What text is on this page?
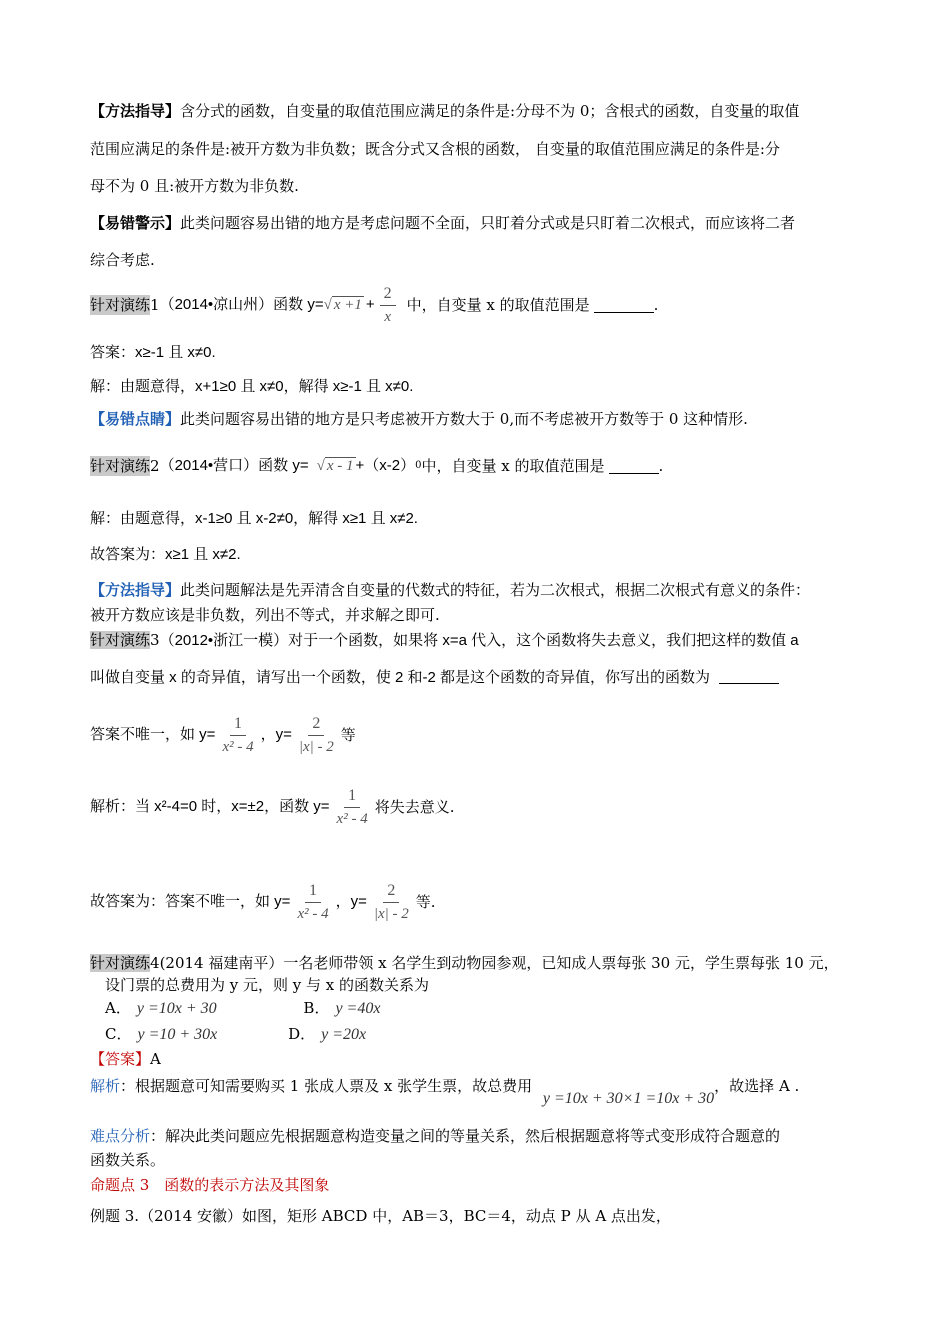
【方法指导】含分式的函数，自变量的取值范围应满足的条件是:分母不为 0；含根式的函数，自变量的取值
范围应满足的条件是:被开方数为非负数；既含分式又含根的函数， 自变量的取值范围应满足的条件是:分
母不为 0 且:被开方数为非负数.
【易错警示】此类问题容易出错的地方是考虑问题不全面，只盯着分式或是只盯着二次根式，而应该将二者
综合考虑.
针对演练 1 （2014•凉山州）函数 y= √ $x +1 + \frac{2}{x}$ 中，自变量 x 的取值范围是	.
答案：x≥-1 且 x≠0.
解：由题意得，x+1≥0 且 x≠0，解得 x≥-1 且 x≠0.
【易错点睛】此类问题容易出错的地方是只考虑被开方数大于 0,而不考虑被开方数等于 0 这种情形.
针对演练 2 （2014•营口）函数 y= √ x - 1 +（x-2） 0 中，自变量 x 的取值范围是	.
解：由题意得，x-1≥0 且 x-2≠0，解得 x≥1 且 x≠2.
故答案为：x≥1 且 x≠2.
【方法指导】此类问题解法是先弄清含自变量的代数式的特征，若为二次根式，根据二次根式有意义的条件：
被开方数应该是非负数，列出不等式，并求解之即可.
针对演练3（2012•浙江一模）对于一个函数，如果将 x=a 代入，这个函数将失去意义，我们把这样的数值 a
叫做自变量 x 的奇异值，请写出一个函数，使 2 和-2 都是这个函数的奇异值，你写出的函数为
答案不唯一，如 $y= \frac{1}{\text{x² - 4}}$ ，$y= \frac{2}{|x| - 2}$ 等
解析：当 x²-4=0 时，x=±2，函数 $y= \frac{1}{\text{x² - 4}}$ 将失去意义.
故答案为：答案不唯一，如 $y= \frac{1}{\text{x² - 4}}$ ，$y= \frac{2}{|x| - 2}$ 等.
针对演练4(2014 福建南平）一名老师带领 x 名学生到动物园参观，已知成人票每张 30 元，学生票每张 10 元，
设门票的总费用为 y 元，则 y 与 x 的函数关系为
A． y =10x + 30	B． y =40x
C． y =10 + 30x	D． y =20x
【答案】A
解析：根据题意可知需要购买 1 张成人票及 x 张学生票，故总费用 y =10x + 30×1 =10x + 30，故选择 A .
难点分析：解决此类问题应先根据题意构造变量之间的等量关系，然后根据题意将等式变形成符合题意的
函数关系。
命题点 3　函数的表示方法及其图象
例题 3.（2014 安徽）如图，矩形 ABCD 中，AB＝3，BC＝4，动点 P 从 A 点出发，
